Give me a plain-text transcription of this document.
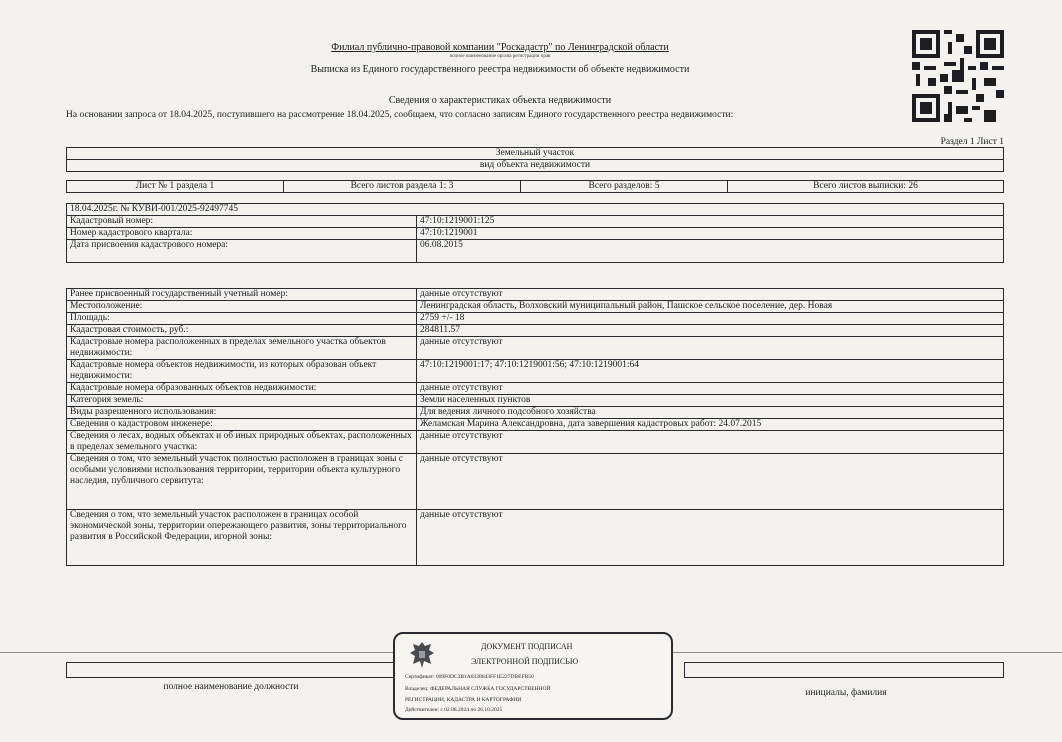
Филиал публично-правовой компании "Роскадастр" по Ленинградской области
полное наименование органа регистрации прав
Выписка из Единого государственного реестра недвижимости об объекте недвижимости
Сведения о характеристиках объекта недвижимости
На основании запроса от 18.04.2025, поступившего на рассмотрение 18.04.2025, сообщаем, что согласно записям Единого государственного реестра недвижимости:
Раздел 1 Лист 1
Земельный участок
вид объекта недвижимости
Лист № 1 раздела 1	Всего листов раздела 1: 3	Всего разделов: 5	Всего листов выписки: 26
18.04.2025г. № КУВИ-001/2025-92497745	
Кадастровый номер:	47:10:1219001:125
Номер кадастрового квартала:	47:10:1219001
Дата присвоения кадастрового номера:	06.08.2015
Ранее присвоенный государственный учетный номер:	данные отсутствуют
Местоположение:	Ленинградская область, Волховский муниципальный район, Пашское сельское поселение, дер. Новая
Площадь:	2759 +/- 18
Кадастровая стоимость, руб.:	284811.57
Кадастровые номера расположенных в пределах земельного участка объектов недвижимости:	данные отсутствуют
Кадастровые номера объектов недвижимости, из которых образован объект недвижимости:	47:10:1219001:17; 47:10:1219001:56; 47:10:1219001:64
Кадастровые номера образованных объектов недвижимости:	данные отсутствуют
Категория земель:	Земли населенных пунктов
Виды разрешенного использования:	Для ведения личного подсобного хозяйства
Сведения о кадастровом инженере:	Желамская Марина Александровна, дата завершения кадастровых работ: 24.07.2015
Сведения о лесах, водных объектах и об иных природных объектах, расположенных в пределах земельного участка:	данные отсутствуют
Сведения о том, что земельный участок полностью расположен в границах зоны с особыми условиями использования территории, территории объекта культурного наследия, публичного сервитута:	данные отсутствуют
Сведения о том, что земельный участок расположен в границах особой экономической зоны, территории опережающего развития, зоны территориального развития в Российской Федерации, игорной зоны:	данные отсутствуют

полное наименование должности
инициалы, фамилия
ДОКУМЕНТ ПОДПИСАН
ЭЛЕКТРОННОЙ ПОДПИСЬЮ
Сертификат: 009F0DC3B1A0338643FF1E227DBEFB50
Владелец: ФЕДЕРАЛЬНАЯ СЛУЖБА ГОСУДАРСТВЕННОЙ
РЕГИСТРАЦИИ, КАДАСТРА И КАРТОГРАФИИ
Действителен: с 02.08.2024 по 26.10.2025
